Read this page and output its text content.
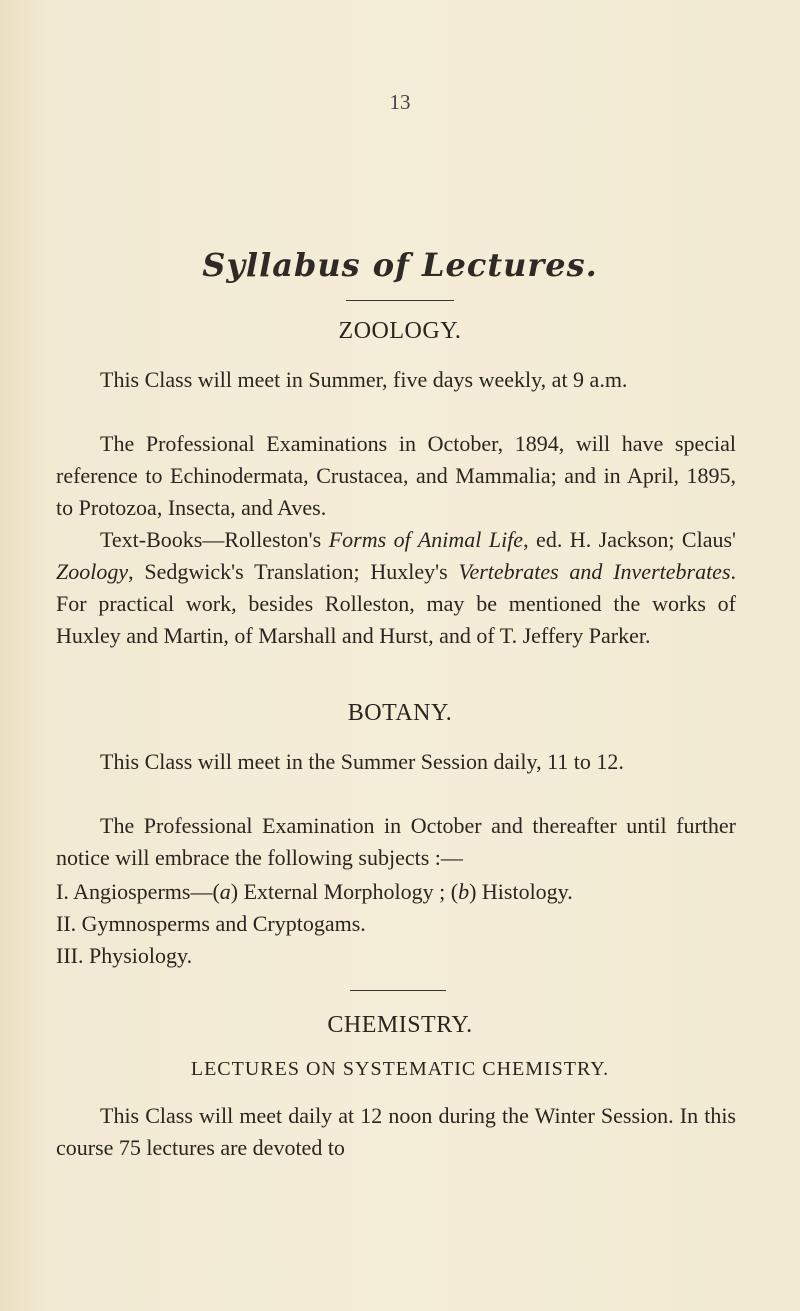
13
Syllabus of Lectures.
ZOOLOGY.
This Class will meet in Summer, five days weekly, at 9 a.m.
The Professional Examinations in October, 1894, will have special reference to Echinodermata, Crustacea, and Mammalia; and in April, 1895, to Protozoa, Insecta, and Aves.
Text-Books—Rolleston's Forms of Animal Life, ed. H. Jackson; Claus' Zoology, Sedgwick's Translation; Huxley's Vertebrates and Invertebrates. For practical work, besides Rolleston, may be mentioned the works of Huxley and Martin, of Marshall and Hurst, and of T. Jeffery Parker.
BOTANY.
This Class will meet in the Summer Session daily, 11 to 12.
The Professional Examination in October and thereafter until further notice will embrace the following subjects :—
I. Angiosperms—(a) External Morphology ; (b) Histology.
II. Gymnosperms and Cryptogams.
III. Physiology.
CHEMISTRY.
LECTURES ON SYSTEMATIC CHEMISTRY.
This Class will meet daily at 12 noon during the Winter Session. In this course 75 lectures are devoted to
